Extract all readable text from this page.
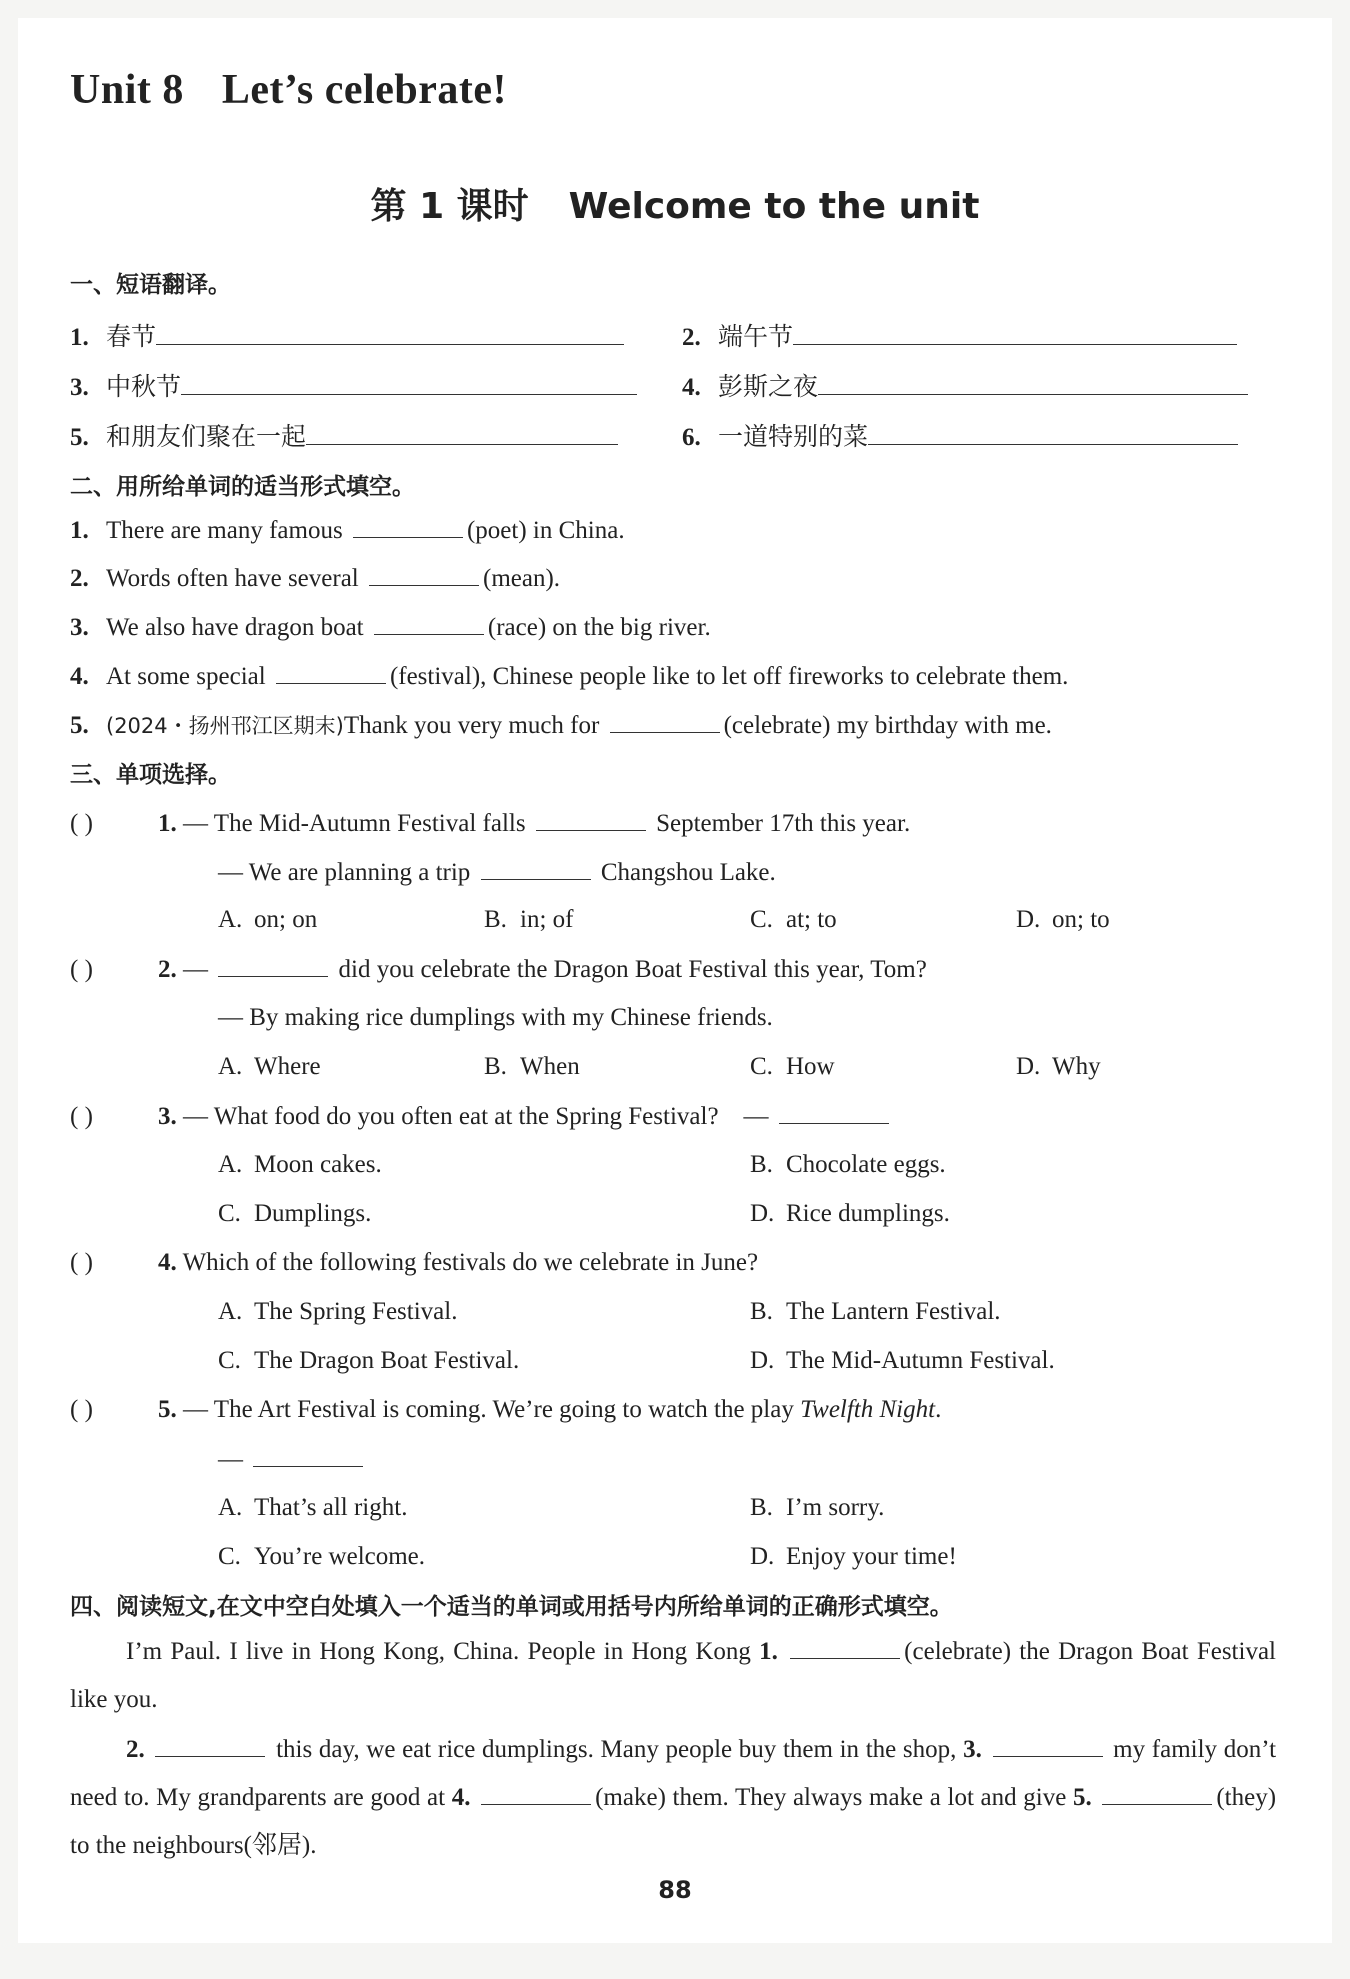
Unit 8 Let’s celebrate!
第 1 课时 Welcome to the unit
一、短语翻译。
1. 春节	2. 端午节
3. 中秋节	4. 彭斯之夜
5. 和朋友们聚在一起	6. 一道特别的菜
二、用所给单词的适当形式填空。
1. There are many famous	(poet) in China.
2. Words often have several	(mean).
3. We also have dragon boat	(race) on the big river.
4. At some special	(festival), Chinese people like to let off fireworks to celebrate them.
5. (2024・扬州邗江区期末)Thank you very much for	(celebrate) my birthday with me.
三、单项选择。
( )	1. — The Mid-Autumn Festival falls	September 17th this year.
— We are planning a trip	Changshou Lake.
A. on; on	B. in; of	C. at; to	D. on; to
( )	2. —	did you celebrate the Dragon Boat Festival this year, Tom?
— By making rice dumplings with my Chinese friends.
A. Where	B. When	C. How	D. Why
( )	3. — What food do you often eat at the Spring Festival? —
A. Moon cakes.	B. Chocolate eggs.
C. Dumplings.	D. Rice dumplings.
( )	4. Which of the following festivals do we celebrate in June?
A. The Spring Festival.	B. The Lantern Festival.
C. The Dragon Boat Festival.	D. The Mid-Autumn Festival.
( )	5. — The Art Festival is coming. We’re going to watch the play Twelfth Night.
—
A. That’s all right.	B. I’m sorry.
C. You’re welcome.	D. Enjoy your time!
四、阅读短文,在文中空白处填入一个适当的单词或用括号内所给单词的正确形式填空。
I’m Paul. I live in Hong Kong, China. People in Hong Kong 1.	(celebrate) the Dragon Boat Festival like you.
2.	this day, we eat rice dumplings. Many people buy them in the shop, 3.	my family don’t need to. My grandparents are good at 4.	(make) them. They always make a lot and give 5.	(they) to the neighbours(邻居).
88
